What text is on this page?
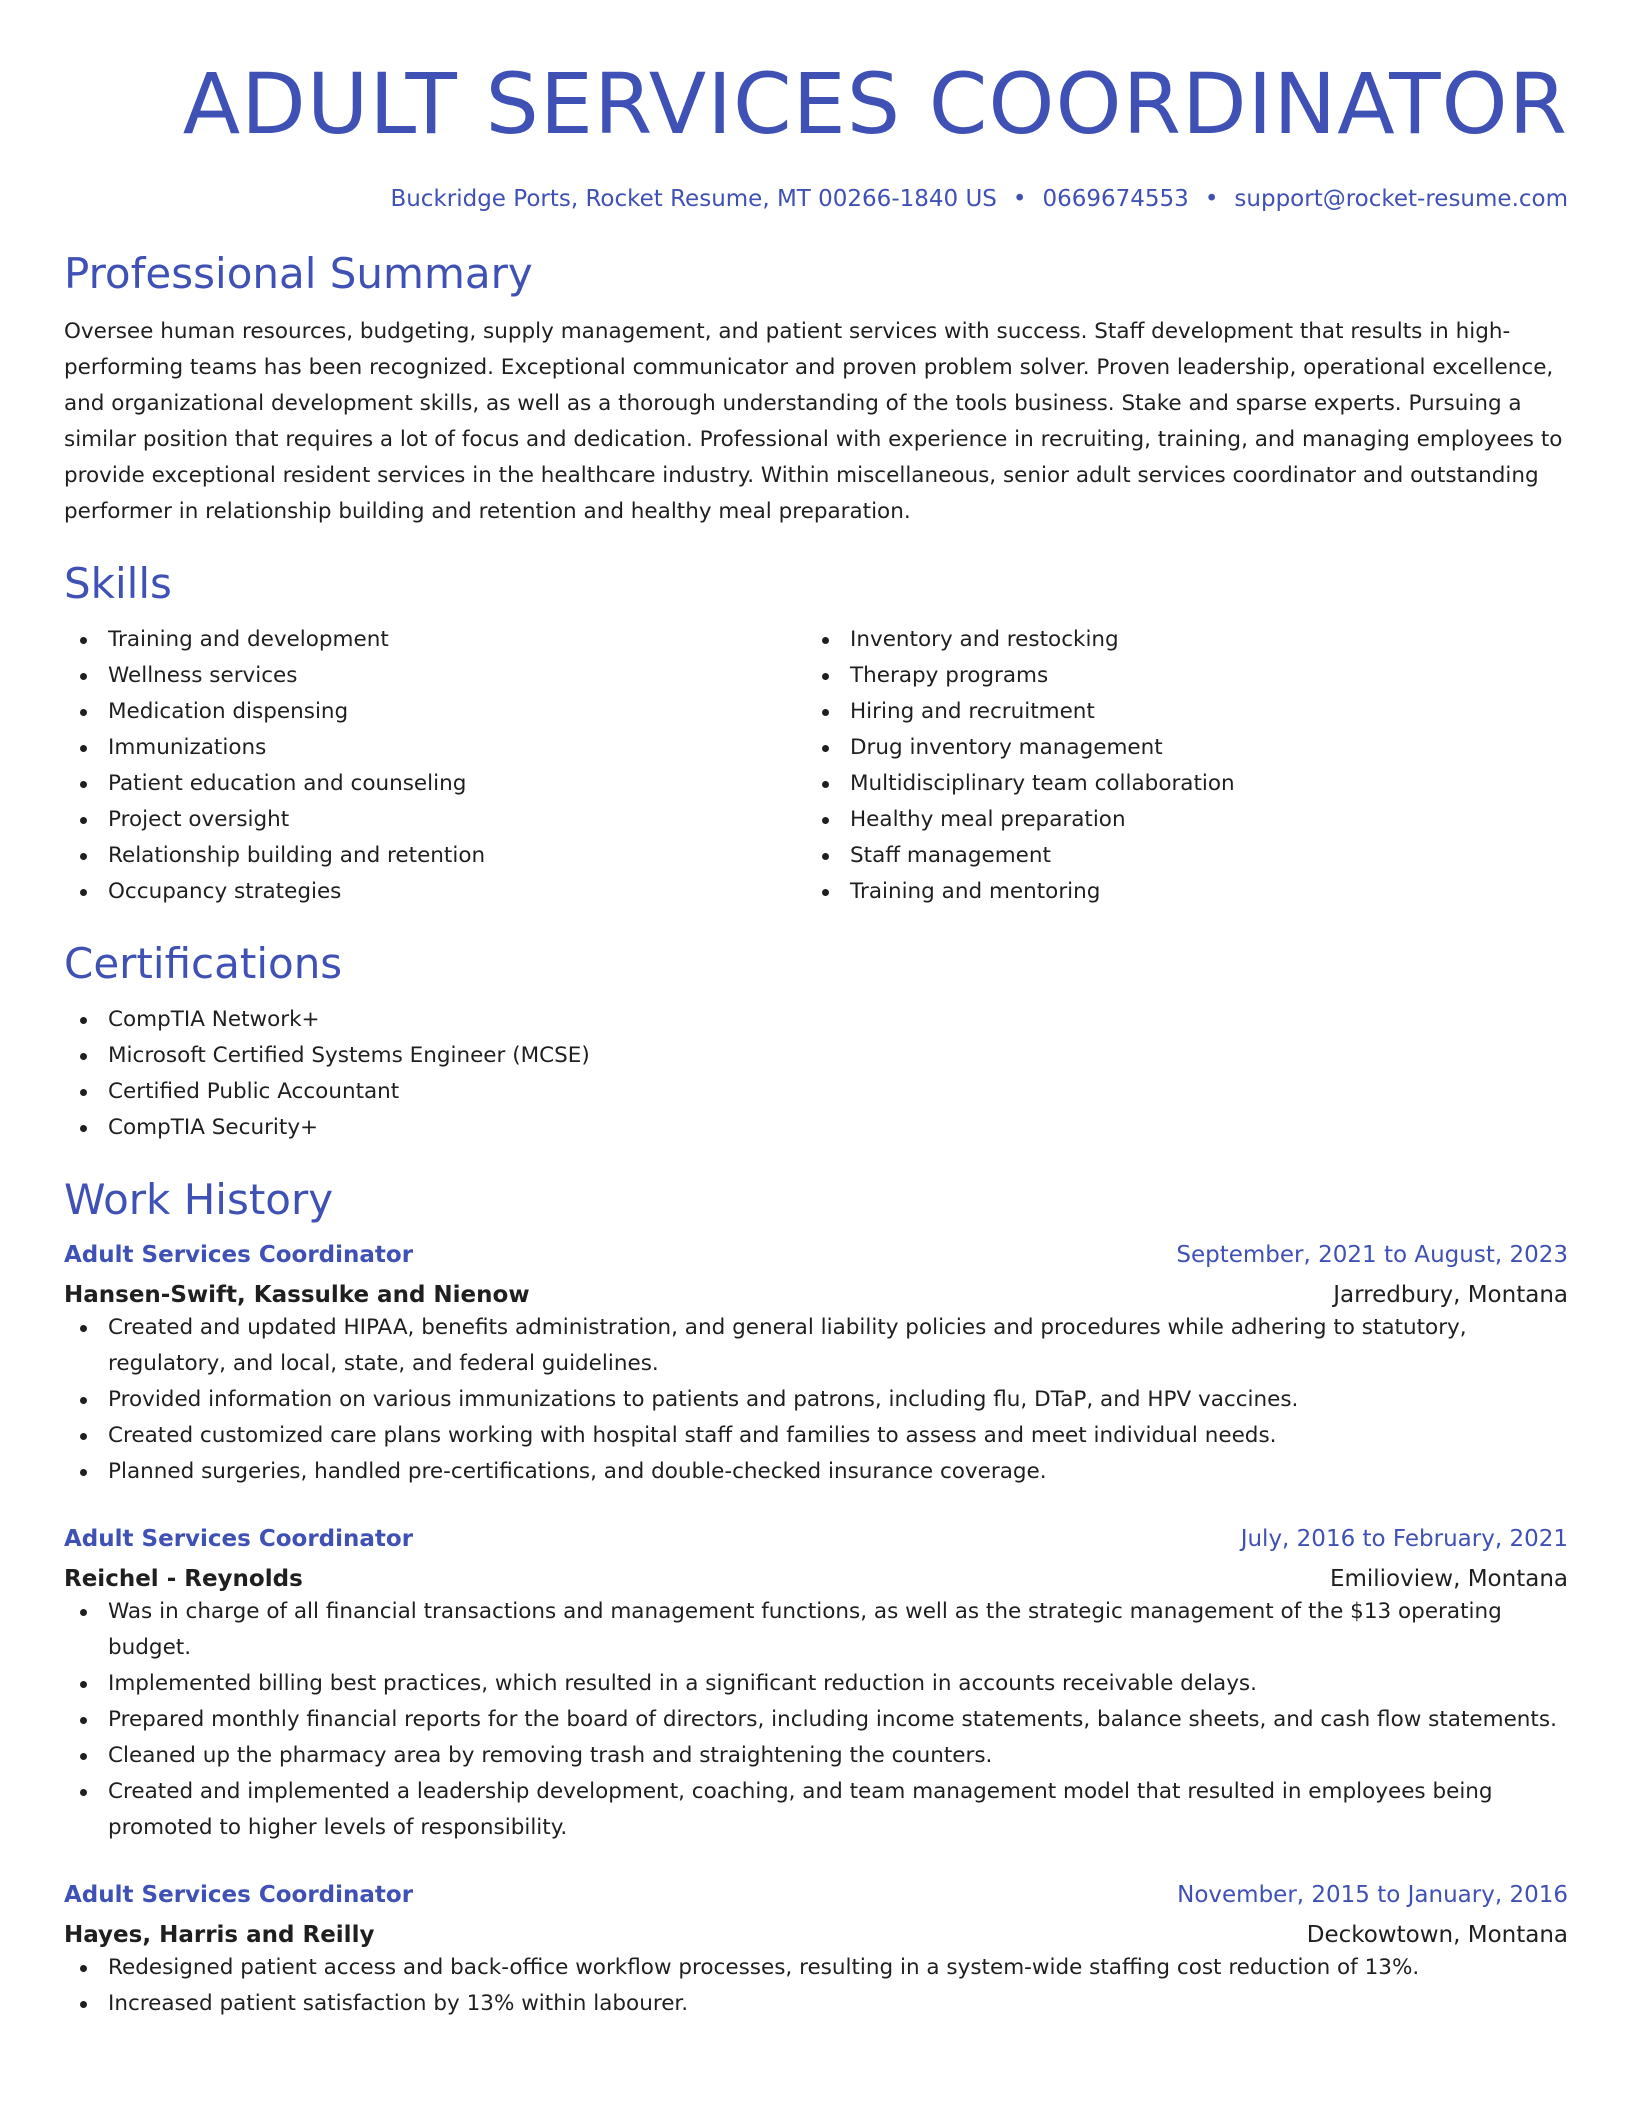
ADULT SERVICES COORDINATOR
Buckridge Ports, Rocket Resume, MT 00266-1840 US • 0669674553 • support@rocket-resume.com
Professional Summary

Oversee human resources, budgeting, supply management, and patient services with success. Staff development that results in high-performing teams has been recognized. Exceptional communicator and proven problem solver. Proven leadership, operational excellence, and organizational development skills, as well as a thorough understanding of the tools business. Stake and sparse experts. Pursuing a similar position that requires a lot of focus and dedication. Professional with experience in recruiting, training, and managing employees to provide exceptional resident services in the healthcare industry. Within miscellaneous, senior adult services coordinator and outstanding performer in relationship building and retention and healthy meal preparation.

Skills
Training and development
Wellness services
Medication dispensing
Immunizations
Patient education and counseling
Project oversight
Relationship building and retention
Occupancy strategies
Inventory and restocking
Therapy programs
Hiring and recruitment
Drug inventory management
Multidisciplinary team collaboration
Healthy meal preparation
Staff management
Training and mentoring
Certifications
CompTIA Network+
Microsoft Certified Systems Engineer (MCSE)
Certified Public Accountant
CompTIA Security+
Work History
Adult Services Coordinator	September, 2021 to August, 2023
Hansen-Swift, Kassulke and Nienow	Jarredbury, Montana
Created and updated HIPAA, benefits administration, and general liability policies and procedures while adhering to statutory, regulatory, and local, state, and federal guidelines.
Provided information on various immunizations to patients and patrons, including flu, DTaP, and HPV vaccines.
Created customized care plans working with hospital staff and families to assess and meet individual needs.
Planned surgeries, handled pre-certifications, and double-checked insurance coverage.
Adult Services Coordinator	July, 2016 to February, 2021
Reichel - Reynolds	Emilioview, Montana
Was in charge of all financial transactions and management functions, as well as the strategic management of the $13 operating budget.
Implemented billing best practices, which resulted in a significant reduction in accounts receivable delays.
Prepared monthly financial reports for the board of directors, including income statements, balance sheets, and cash flow statements.
Cleaned up the pharmacy area by removing trash and straightening the counters.
Created and implemented a leadership development, coaching, and team management model that resulted in employees being promoted to higher levels of responsibility.
Adult Services Coordinator	November, 2015 to January, 2016
Hayes, Harris and Reilly	Deckowtown, Montana
Redesigned patient access and back-office workflow processes, resulting in a system-wide staffing cost reduction of 13%.
Increased patient satisfaction by 13% within labourer.
